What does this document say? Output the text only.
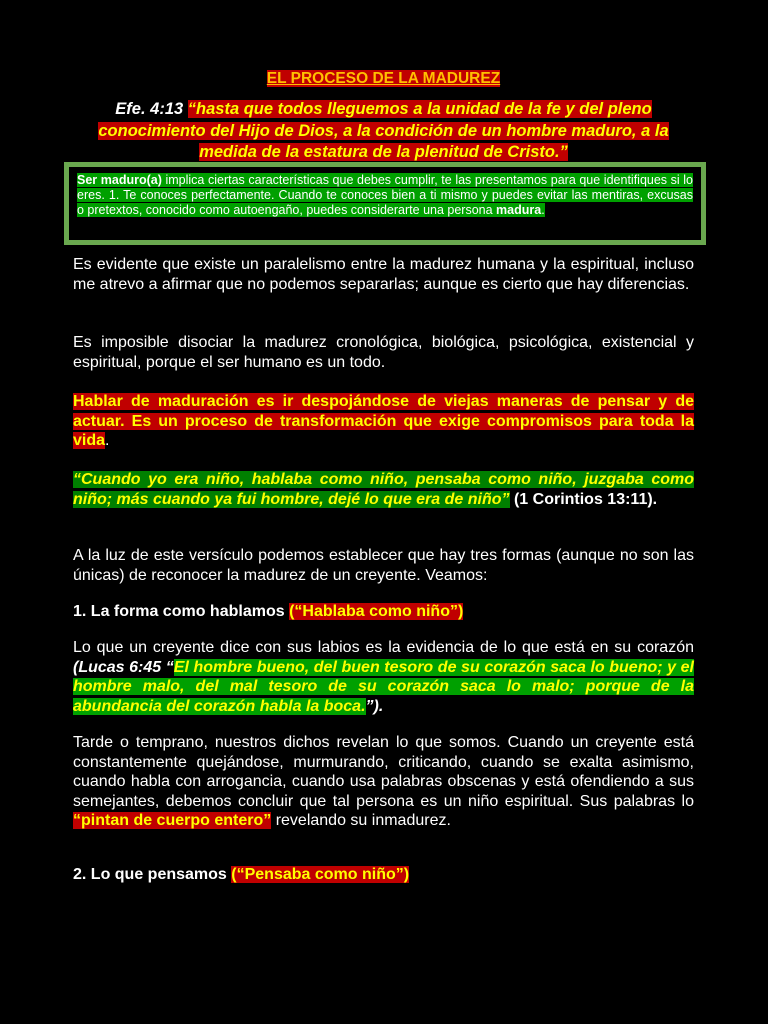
EL PROCESO DE LA MADUREZ
Efe. 4:13 “hasta que todos lleguemos a la unidad de la fe y del pleno conocimiento del Hijo de Dios, a la condición de un hombre maduro, a la medida de la estatura de la plenitud de Cristo.”
Ser maduro(a) implica ciertas características que debes cumplir, te las presentamos para que identifiques si lo eres. 1. Te conoces perfectamente. Cuando te conoces bien a ti mismo y puedes evitar las mentiras, excusas o pretextos, conocido como autoengaño, puedes considerarte una persona madura.
Es evidente que existe un paralelismo entre la madurez humana y la espiritual, incluso me atrevo a afirmar que no podemos separarlas; aunque es cierto que hay diferencias.
Es imposible disociar la madurez cronológica, biológica, psicológica, existencial y espiritual, porque el ser humano es un todo.
Hablar de maduración es ir despojándose de viejas maneras de pensar y de actuar. Es un proceso de transformación que exige compromisos para toda la vida.
“Cuando yo era niño, hablaba como niño, pensaba como niño, juzgaba como niño; más cuando ya fui hombre, dejé lo que era de niño” (1 Corintios 13:11).
A la luz de este versículo podemos establecer que hay tres formas (aunque no son las únicas) de reconocer la madurez de un creyente. Veamos:
1. La forma como hablamos (“Hablaba como niño”)
Lo que un creyente dice con sus labios es la evidencia de lo que está en su corazón (Lucas 6:45 “El hombre bueno, del buen tesoro de su corazón saca lo bueno; y el hombre malo, del mal tesoro de su corazón saca lo malo; porque de la abundancia del corazón habla la boca.”).
Tarde o temprano, nuestros dichos revelan lo que somos. Cuando un creyente está constantemente quejándose, murmurando, criticando, cuando se exalta asimismo, cuando habla con arrogancia, cuando usa palabras obscenas y está ofendiendo a sus semejantes, debemos concluir que tal persona es un niño espiritual. Sus palabras lo “pintan de cuerpo entero” revelando su inmadurez.
2. Lo que pensamos (“Pensaba como niño”)
